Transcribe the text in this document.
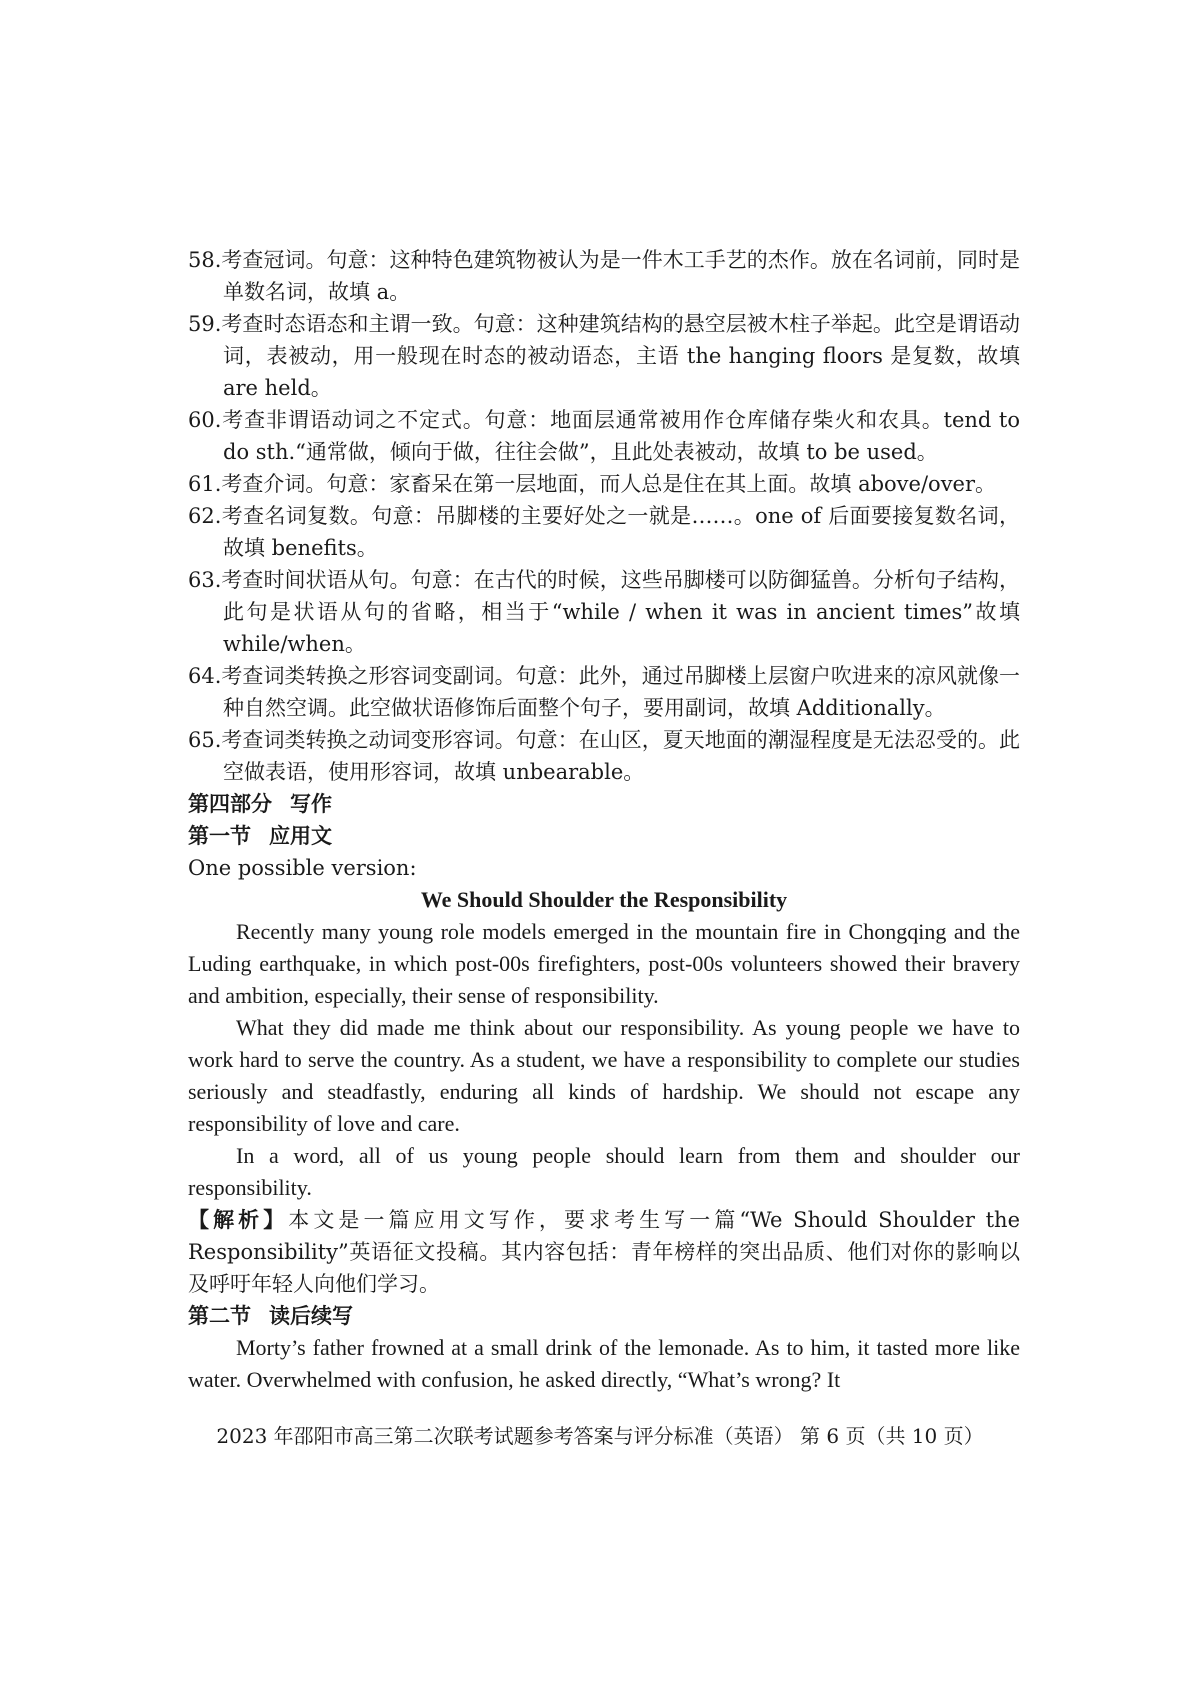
58.考查冠词。句意：这种特色建筑物被认为是一件木工手艺的杰作。放在名词前，同时是单数名词，故填 a。
59.考查时态语态和主谓一致。句意：这种建筑结构的悬空层被木柱子举起。此空是谓语动词，表被动，用一般现在时态的被动语态，主语 the hanging floors 是复数，故填 are held。
60.考查非谓语动词之不定式。句意：地面层通常被用作仓库储存柴火和农具。tend to do sth.“通常做，倾向于做，往往会做”，且此处表被动，故填 to be used。
61.考查介词。句意：家畜呆在第一层地面，而人总是住在其上面。故填 above/over。
62.考查名词复数。句意：吊脚楼的主要好处之一就是……。one of 后面要接复数名词，故填 benefits。
63.考查时间状语从句。句意：在古代的时候，这些吊脚楼可以防御猛兽。分析句子结构，此句是状语从句的省略，相当于“while / when it was in ancient times”故填 while/when。
64.考查词类转换之形容词变副词。句意：此外，通过吊脚楼上层窗户吹进来的凉风就像一种自然空调。此空做状语修饰后面整个句子，要用副词，故填 Additionally。
65.考查词类转换之动词变形容词。句意：在山区，夏天地面的潮湿程度是无法忍受的。此空做表语，使用形容词，故填 unbearable。
第四部分 写作
第一节 应用文
One possible version:
We Should Shoulder the Responsibility
Recently many young role models emerged in the mountain fire in Chongqing and the Luding earthquake, in which post-00s firefighters, post-00s volunteers showed their bravery and ambition, especially, their sense of responsibility.
What they did made me think about our responsibility. As young people we have to work hard to serve the country. As a student, we have a responsibility to complete our studies seriously and steadfastly, enduring all kinds of hardship. We should not escape any responsibility of love and care.
In a word, all of us young people should learn from them and shoulder our responsibility.
【解析】本文是一篇应用文写作，要求考生写一篇“We Should Shoulder the Responsibility”英语征文投稿。其内容包括：青年榜样的突出品质、他们对你的影响以及呼吁年轻人向他们学习。
第二节 读后续写
Morty’s father frowned at a small drink of the lemonade. As to him, it tasted more like water. Overwhelmed with confusion, he asked directly, “What’s wrong? It
2023 年邵阳市高三第二次联考试题参考答案与评分标准（英语） 第 6 页（共 10 页）
